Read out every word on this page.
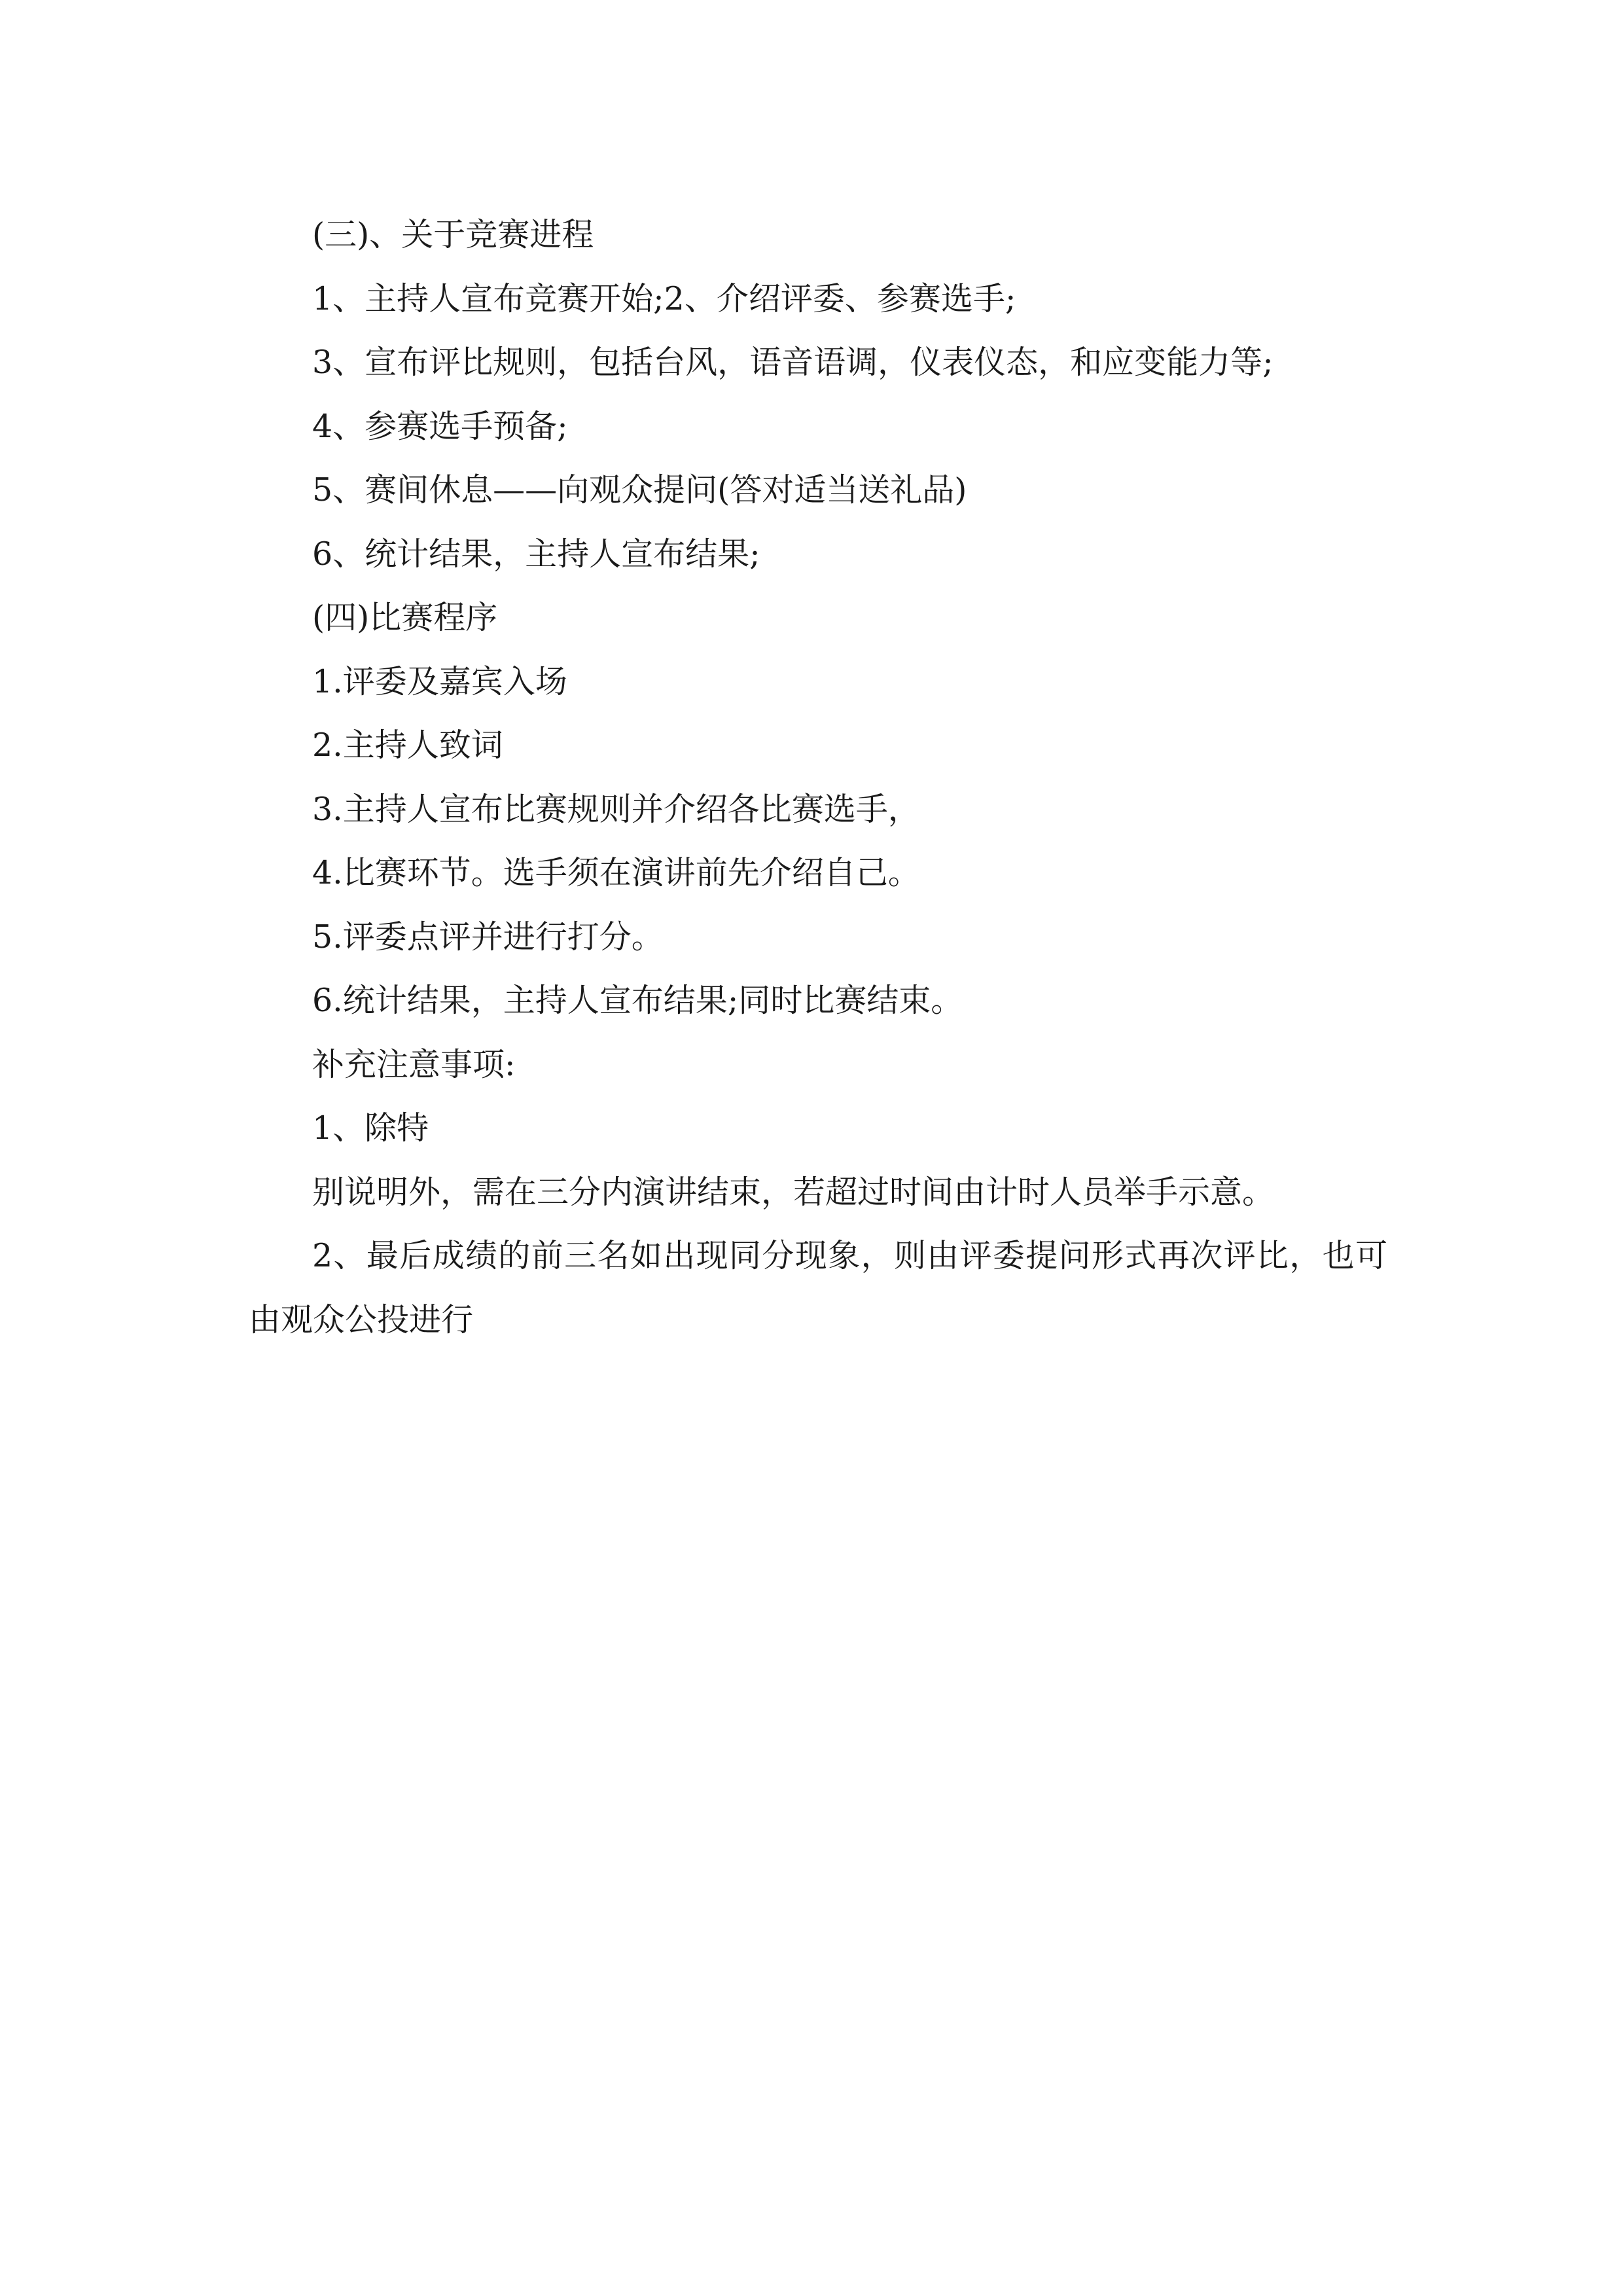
(三)、关于竞赛进程

1、主持人宣布竞赛开始;2、介绍评委、参赛选手;

3、宣布评比规则，包括台风，语音语调，仪表仪态，和应变能力等;

4、参赛选手预备;

5、赛间休息——向观众提问(答对适当送礼品)

6、统计结果，主持人宣布结果;

(四)比赛程序

1.评委及嘉宾入场

2.主持人致词

3.主持人宣布比赛规则并介绍各比赛选手，

4.比赛环节。选手须在演讲前先介绍自己。

5.评委点评并进行打分。

6.统计结果，主持人宣布结果;同时比赛结束。

补充注意事项:

1、除特

别说明外，需在三分内演讲结束，若超过时间由计时人员举手示意。

2、最后成绩的前三名如出现同分现象，则由评委提问形式再次评比，也可由观众公投进行
